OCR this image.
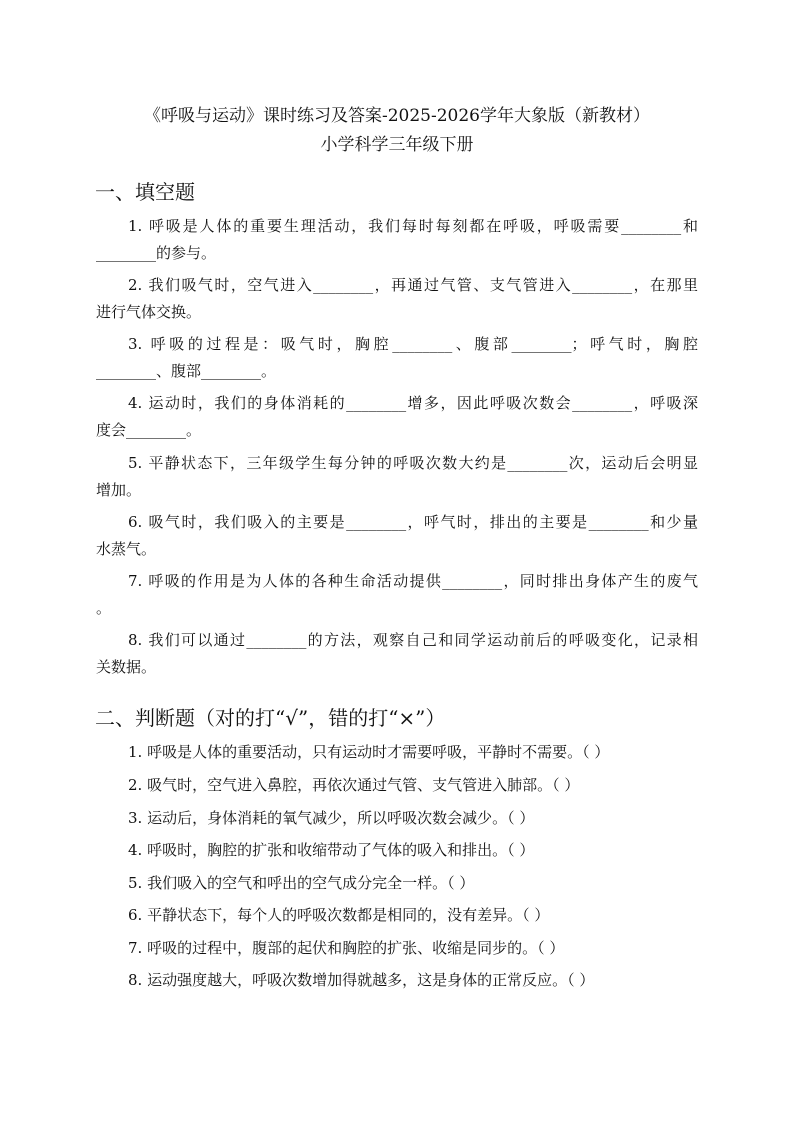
《呼吸与运动》课时练习及答案-2025-2026学年大象版（新教材）
小学科学三年级下册
一、填空题
1. 呼吸是人体的重要生理活动，我们每时每刻都在呼吸，呼吸需要________和
________的参与。
2. 我们吸气时，空气进入________，再通过气管、支气管进入________，在那里
进行气体交换。
3. 呼吸的过程是：吸气时，胸腔________、腹部________；呼气时，胸腔
________、腹部________。
4. 运动时，我们的身体消耗的________增多，因此呼吸次数会________，呼吸深
度会________。
5. 平静状态下，三年级学生每分钟的呼吸次数大约是________次，运动后会明显
增加。
6. 吸气时，我们吸入的主要是________，呼气时，排出的主要是________和少量
水蒸气。
7. 呼吸的作用是为人体的各种生命活动提供________，同时排出身体产生的废气
。
8. 我们可以通过________的方法，观察自己和同学运动前后的呼吸变化，记录相
关数据。
二、判断题（对的打“√”，错的打“×”）
1. 呼吸是人体的重要活动，只有运动时才需要呼吸，平静时不需要。（ ）
2. 吸气时，空气进入鼻腔，再依次通过气管、支气管进入肺部。（ ）
3. 运动后，身体消耗的氧气减少，所以呼吸次数会减少。（ ）
4. 呼吸时，胸腔的扩张和收缩带动了气体的吸入和排出。（ ）
5. 我们吸入的空气和呼出的空气成分完全一样。（ ）
6. 平静状态下，每个人的呼吸次数都是相同的，没有差异。（ ）
7. 呼吸的过程中，腹部的起伏和胸腔的扩张、收缩是同步的。（ ）
8. 运动强度越大，呼吸次数增加得就越多，这是身体的正常反应。（ ）
